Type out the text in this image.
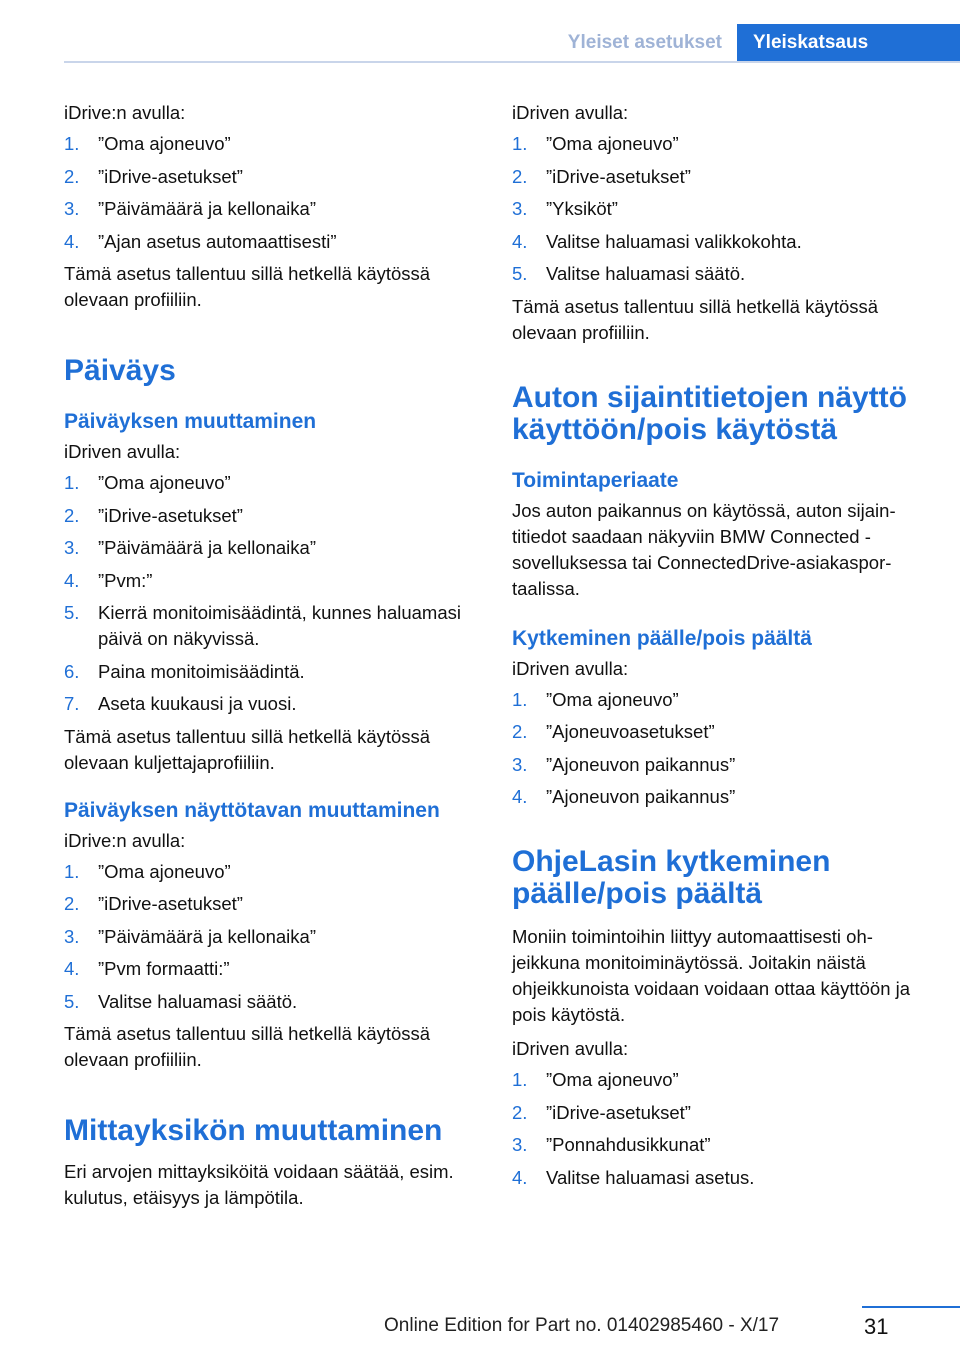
Yleiset asetukset	Yleiskatsaus

iDrive:n avulla:

1.	”Oma ajoneuvo”
2.	”iDrive-asetukset”
3.	”Päivämäärä ja kellonaika”
4.	”Ajan asetus automaattisesti”

Tämä asetus tallentuu sillä hetkellä käytössä olevaan profiiliin.

Päiväys
Päiväyksen muuttaminen

iDriven avulla:

1.	”Oma ajoneuvo”
2.	”iDrive-asetukset”
3.	”Päivämäärä ja kellonaika”
4.	”Pvm:”
5.	Kierrä monitoimisäädintä, kunnes haluamasi päivä on näkyvissä.
6.	Paina monitoimisäädintä.
7.	Aseta kuukausi ja vuosi.

Tämä asetus tallentuu sillä hetkellä käytössä olevaan kuljettajaprofiiliin.

Päiväyksen näyttötavan muuttaminen

iDrive:n avulla:

1.	”Oma ajoneuvo”
2.	”iDrive-asetukset”
3.	”Päivämäärä ja kellonaika”
4.	”Pvm formaatti:”
5.	Valitse haluamasi säätö.

Tämä asetus tallentuu sillä hetkellä käytössä olevaan profiiliin.

Mittayksikön muuttaminen

Eri arvojen mittayksiköitä voidaan säätää, esim. kulutus, etäisyys ja lämpötila.

iDriven avulla:

1.	”Oma ajoneuvo”
2.	”iDrive-asetukset”
3.	”Yksiköt”
4.	Valitse haluamasi valikkokohta.
5.	Valitse haluamasi säätö.

Tämä asetus tallentuu sillä hetkellä käytössä olevaan profiiliin.

Auton sijaintitietojen näyttö käyttöön/pois käytöstä
Toimintaperiaate

Jos auton paikannus on käytössä, auton sijaintitiedot saadaan näkyviin BMW Connected -sovelluksessa tai ConnectedDrive-asiakasportaalissa.

Kytkeminen päälle/pois päältä

iDriven avulla:

1.	”Oma ajoneuvo”
2.	”Ajoneuvoasetukset”
3.	”Ajoneuvon paikannus”
4.	”Ajoneuvon paikannus”
OhjeLasin kytkeminen päälle/pois päältä

Moniin toimintoihin liittyy automaattisesti ohjeikkuna monitoiminäytössä. Joitakin näistä ohjeikkunoista voidaan voidaan ottaa käyttöön ja pois käytöstä.

iDriven avulla:

1.	”Oma ajoneuvo”
2.	”iDrive-asetukset”
3.	”Ponnahdusikkunat”
4.	Valitse haluamasi asetus.
31
Online Edition for Part no. 01402985460 - X/17
